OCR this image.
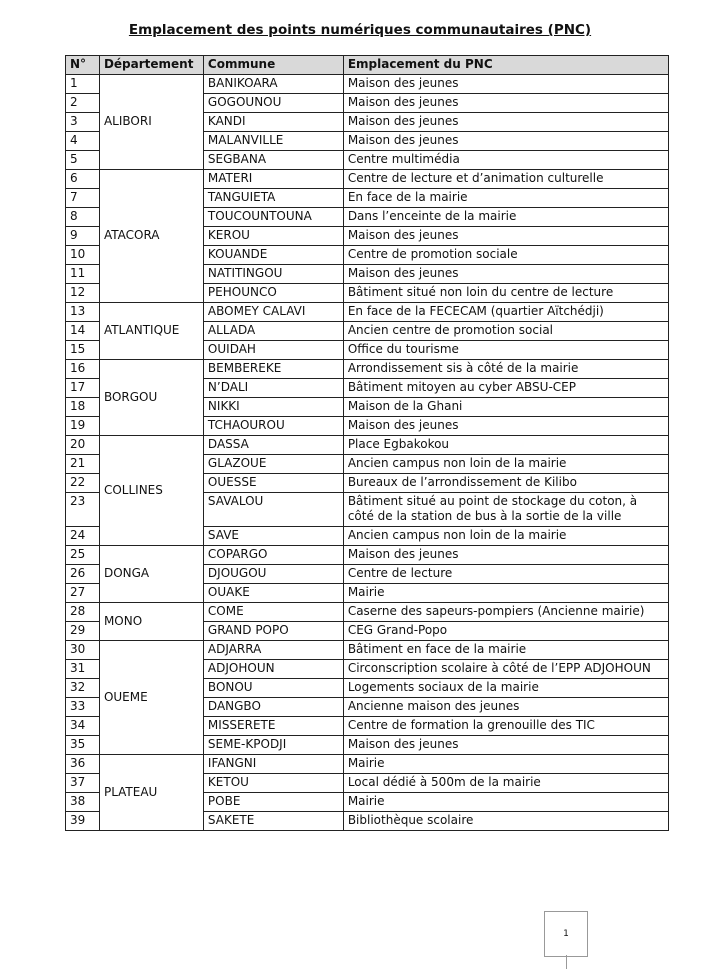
Emplacement des points numériques communautaires (PNC)
N°	Département	Commune	Emplacement du PNC
1	ALIBORI	BANIKOARA	Maison des jeunes
2		GOGOUNOU	Maison des jeunes
3		KANDI	Maison des jeunes
4		MALANVILLE	Maison des jeunes
5		SEGBANA	Centre multimédia
6	ATACORA	MATERI	Centre de lecture et d’animation culturelle
7		TANGUIETA	En face de la mairie
8		TOUCOUNTOUNA	Dans l’enceinte de la mairie
9		KEROU	Maison des jeunes
10		KOUANDE	Centre de promotion sociale
11		NATITINGOU	Maison des jeunes
12		PEHOUNCO	Bâtiment situé non loin du centre de lecture
13	ATLANTIQUE	ABOMEY CALAVI	En face de la FECECAM (quartier Aïtchédji)
14		ALLADA	Ancien centre de promotion social
15		OUIDAH	Office du tourisme
16	BORGOU	BEMBEREKE	Arrondissement sis à côté de la mairie
17		N’DALI	Bâtiment mitoyen au cyber ABSU-CEP
18		NIKKI	Maison de la Ghani
19		TCHAOUROU	Maison des jeunes
20	COLLINES	DASSA	Place Egbakokou
21		GLAZOUE	Ancien campus non loin de la mairie
22		OUESSE	Bureaux de l’arrondissement de Kilibo
23		SAVALOU	Bâtiment situé au point de stockage du coton, à côté de la station de bus à la sortie de la ville
24		SAVE	Ancien campus non loin de la mairie
25	DONGA	COPARGO	Maison des jeunes
26		DJOUGOU	Centre de lecture
27		OUAKE	Mairie
28	MONO	COME	Caserne des sapeurs-pompiers (Ancienne mairie)
29		GRAND POPO	CEG Grand-Popo
30	OUEME	ADJARRA	Bâtiment en face de la mairie
31		ADJOHOUN	Circonscription scolaire à côté de l’EPP ADJOHOUN
32		BONOU	Logements sociaux de la mairie
33		DANGBO	Ancienne maison des jeunes
34		MISSERETE	Centre de formation la grenouille des TIC
35		SEME-KPODJI	Maison des jeunes
36	PLATEAU	IFANGNI	Mairie
37		KETOU	Local dédié à 500m de la mairie
38		POBE	Mairie
39		SAKETE	Bibliothèque scolaire
1
